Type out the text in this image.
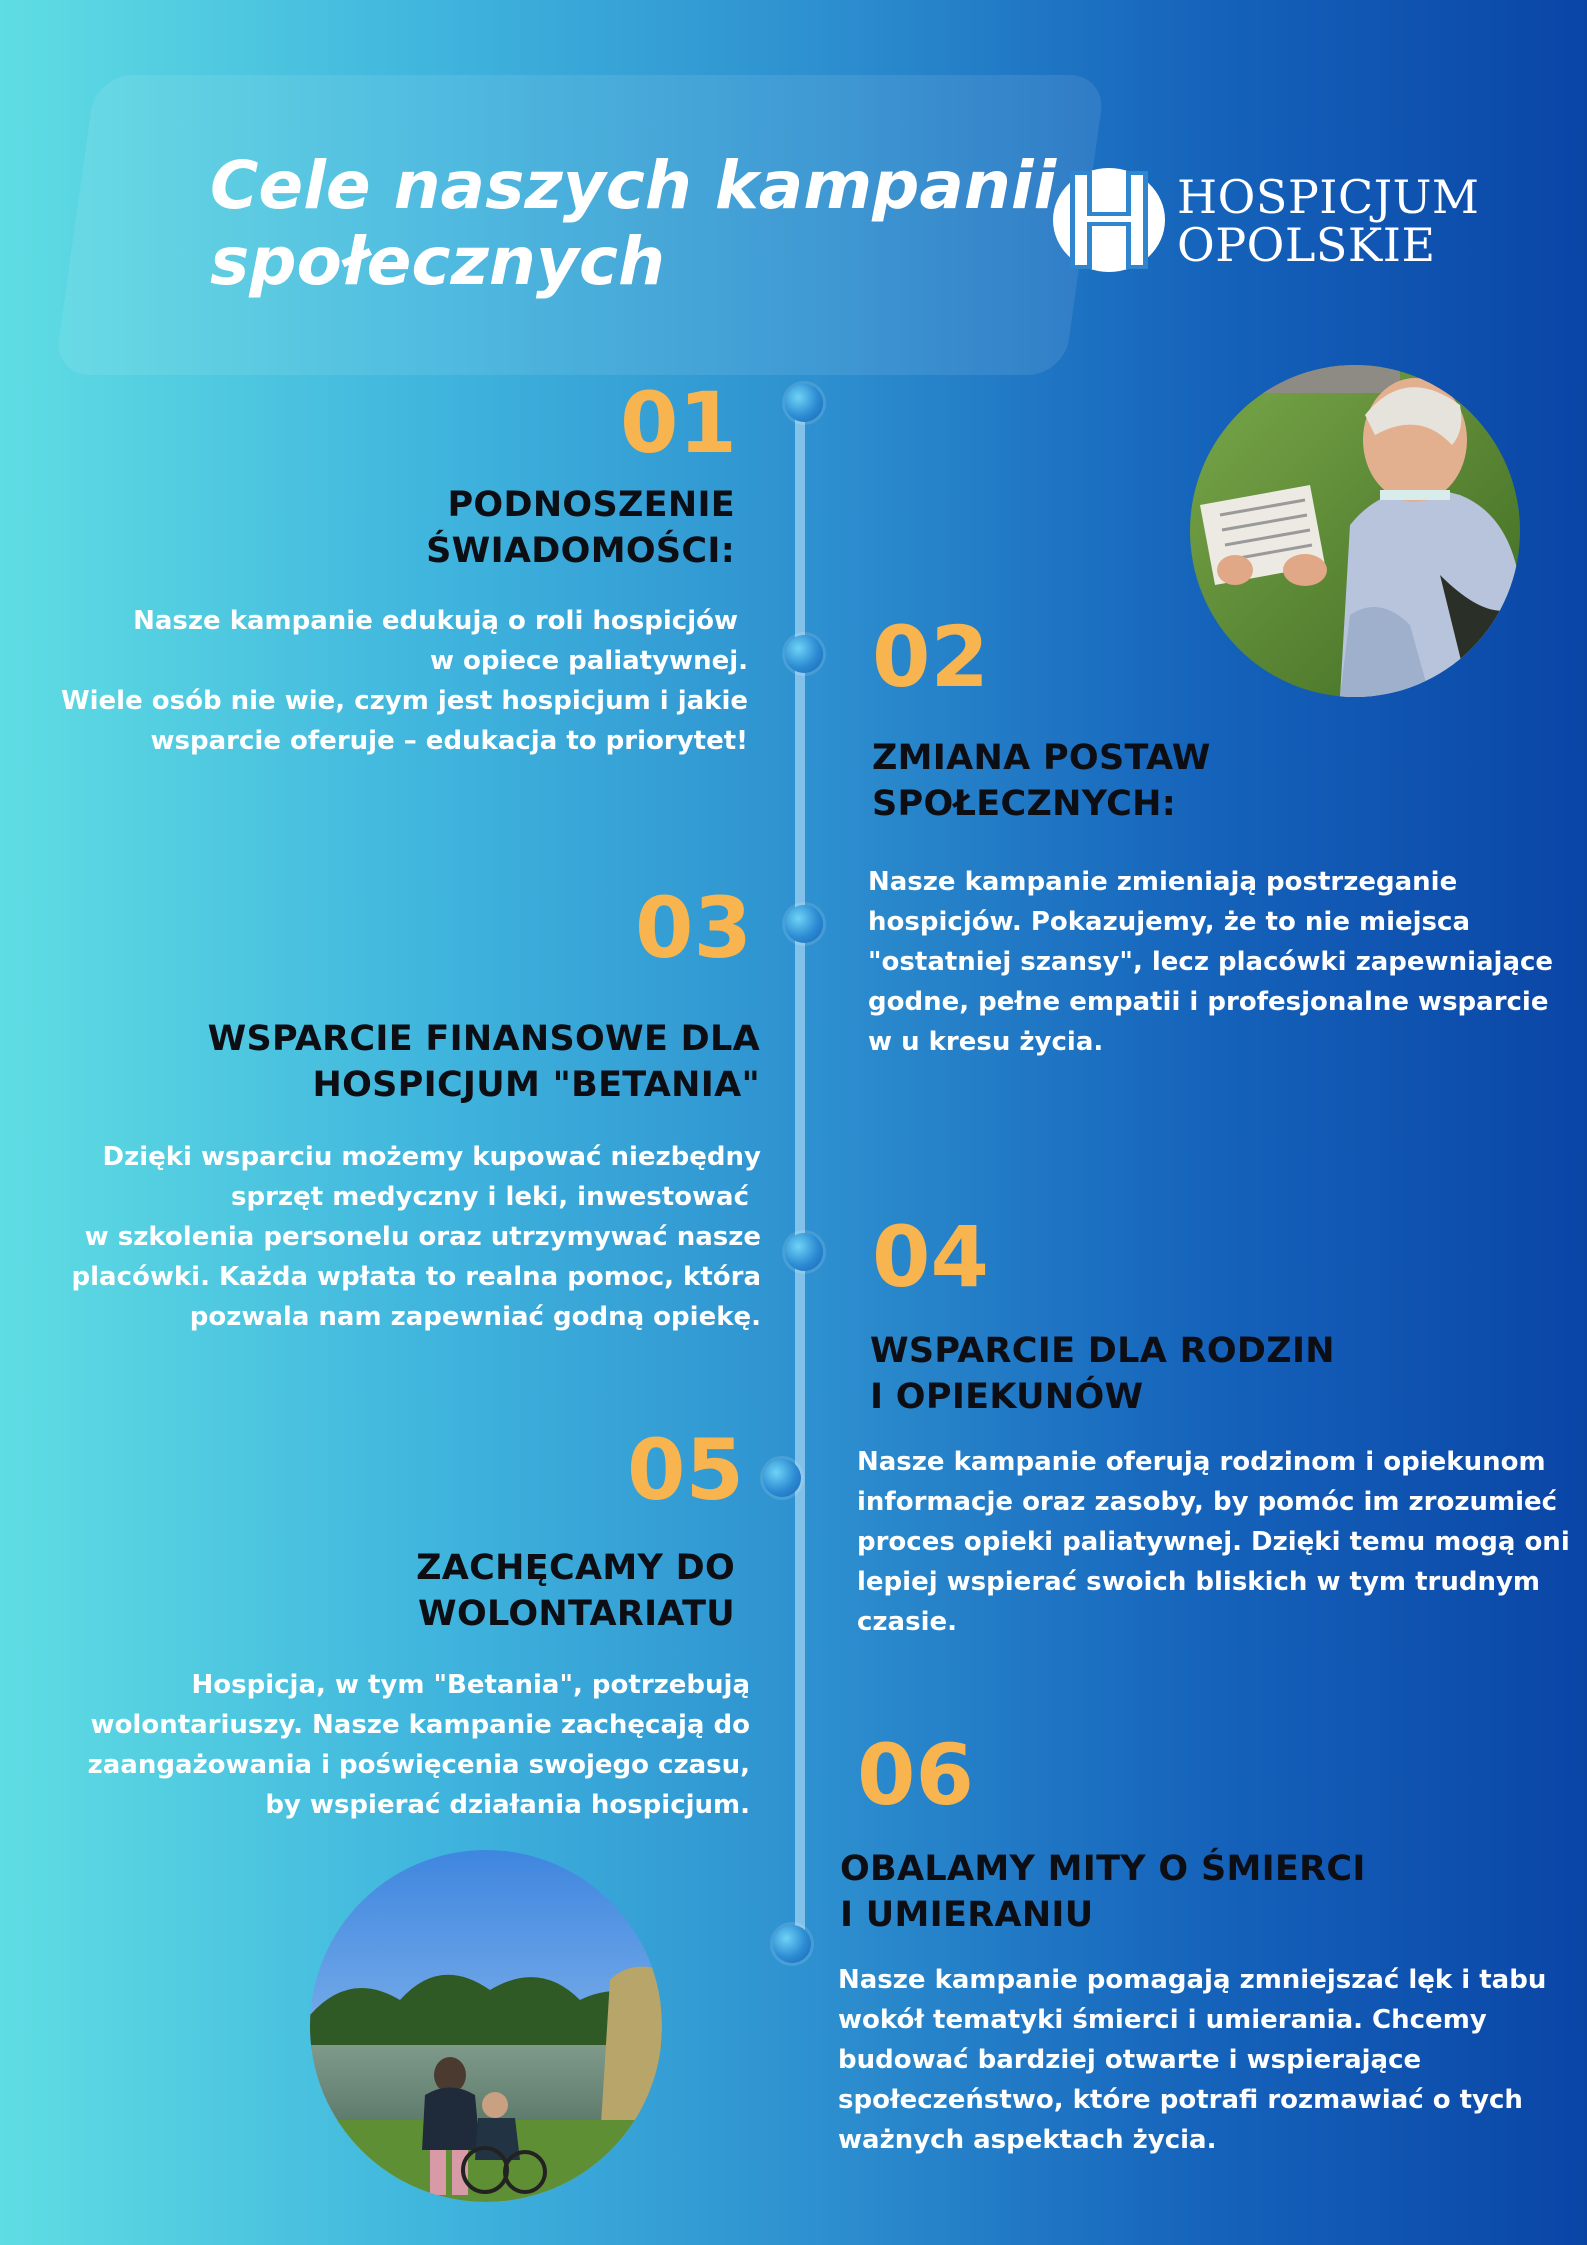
Cele naszych kampanii
społecznych
HOSPICJUM
OPOLSKIE
01
PODNOSZENIE
ŚWIADOMOŚCI:
Nasze kampanie edukują o roli hospicjów
w opiece paliatywnej.
Wiele osób nie wie, czym jest hospicjum i jakie
wsparcie oferuje – edukacja to priorytet!
02
ZMIANA POSTAW
SPOŁECZNYCH:
Nasze kampanie zmieniają postrzeganie
hospicjów. Pokazujemy, że to nie miejsca
"ostatniej szansy", lecz placówki zapewniające
godne, pełne empatii i profesjonalne wsparcie
w u kresu życia.
03
WSPARCIE FINANSOWE DLA
HOSPICJUM "BETANIA"
Dzięki wsparciu możemy kupować niezbędny
sprzęt medyczny i leki, inwestować
w szkolenia personelu oraz utrzymywać nasze
placówki. Każda wpłata to realna pomoc, która
pozwala nam zapewniać godną opiekę.
04
WSPARCIE DLA RODZIN
I OPIEKUNÓW
Nasze kampanie oferują rodzinom i opiekunom
informacje oraz zasoby, by pomóc im zrozumieć
proces opieki paliatywnej. Dzięki temu mogą oni
lepiej wspierać swoich bliskich w tym trudnym
czasie.
05
ZACHĘCAMY DO
WOLONTARIATU
Hospicja, w tym "Betania", potrzebują
wolontariuszy. Nasze kampanie zachęcają do
zaangażowania i poświęcenia swojego czasu,
by wspierać działania hospicjum. 06
OBALAMY MITY O ŚMIERCI
I UMIERANIU
Nasze kampanie pomagają zmniejszać lęk i tabu
wokół tematyki śmierci i umierania. Chcemy
budować bardziej otwarte i wspierające
społeczeństwo, które potrafi rozmawiać o tych
ważnych aspektach życia.
